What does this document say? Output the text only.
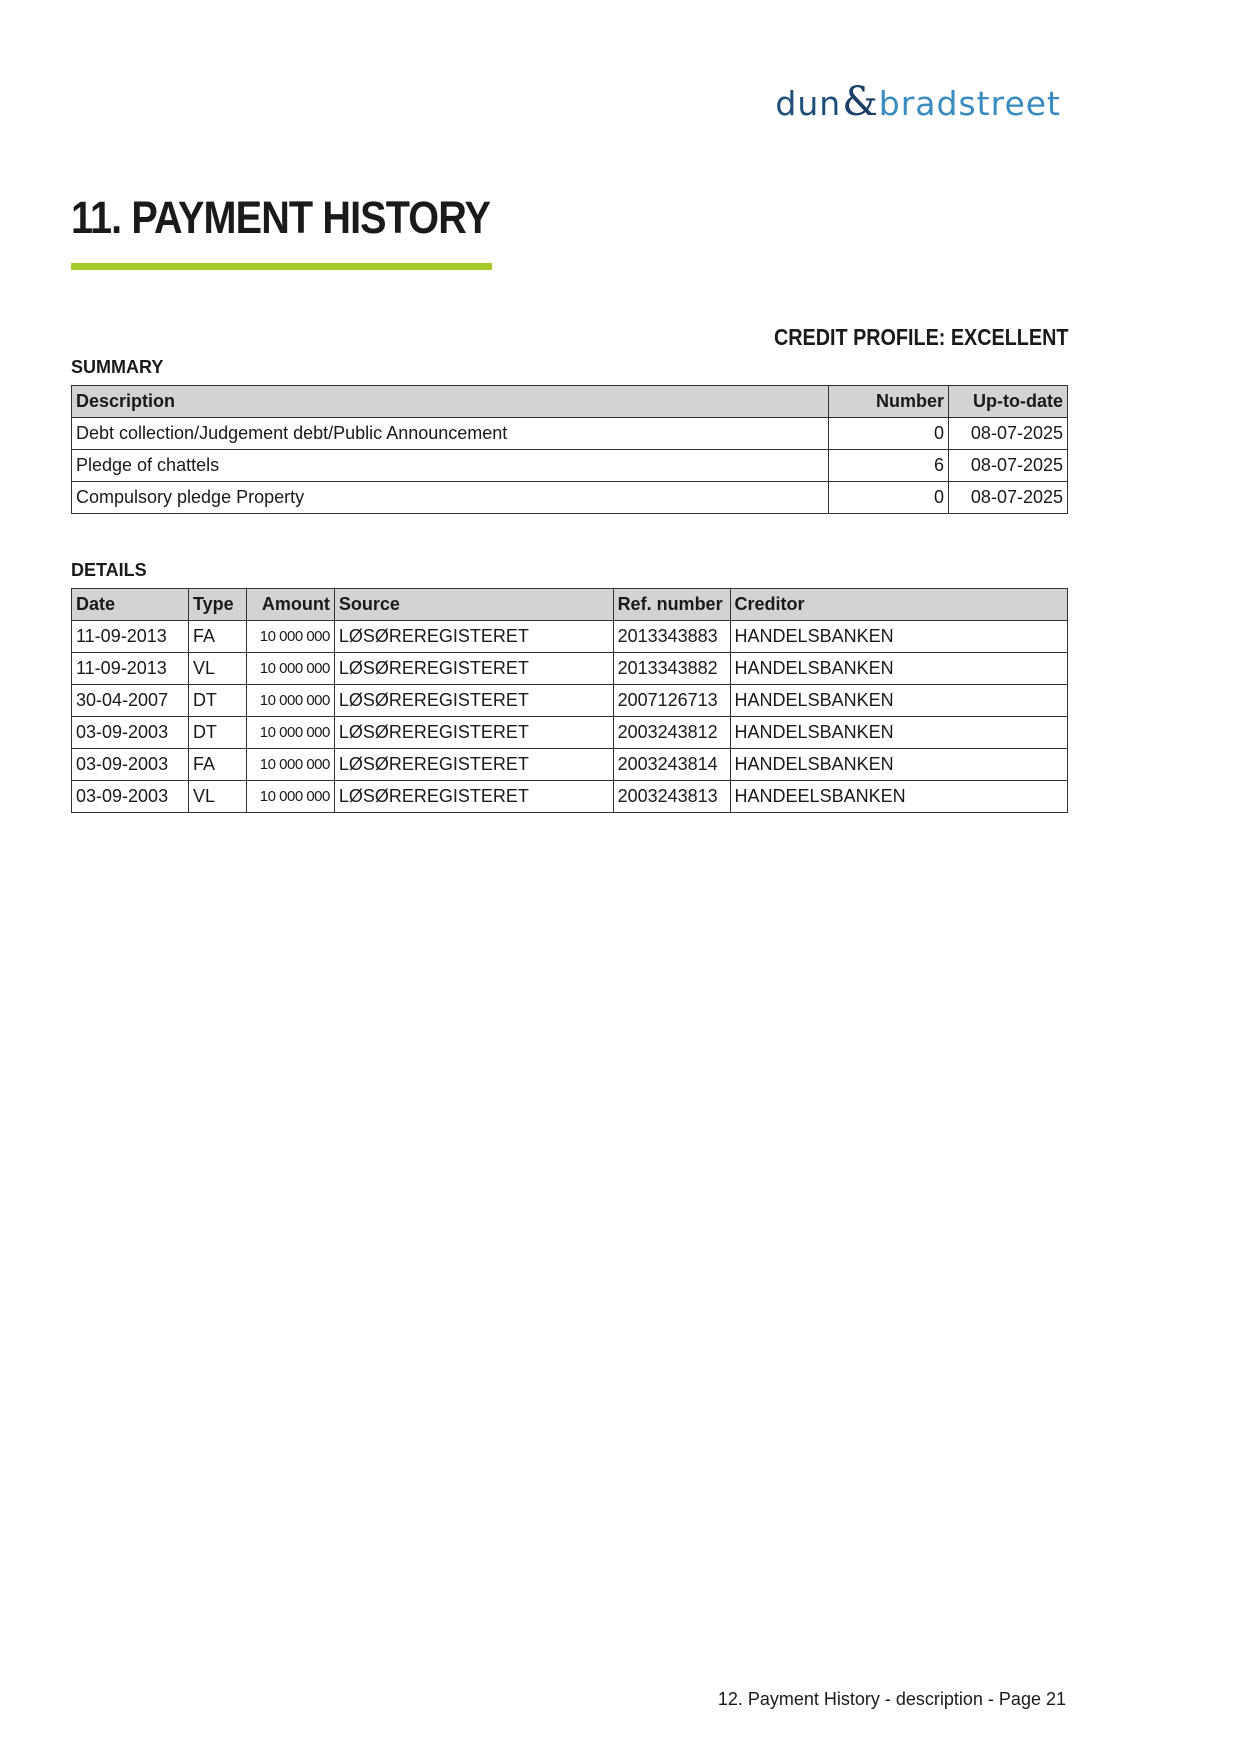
dun & bradstreet
11. PAYMENT HISTORY
CREDIT PROFILE: EXCELLENT
SUMMARY
Description	Number	Up-to-date
Debt collection/Judgement debt/Public Announcement	0	08-07-2025
Pledge of chattels	6	08-07-2025
Compulsory pledge Property	0	08-07-2025
DETAILS
Date	Type	Amount	Source	Ref. number	Creditor
11-09-2013	FA	10 000 000	LØSØREREGISTERET	2013343883	HANDELSBANKEN
11-09-2013	VL	10 000 000	LØSØREREGISTERET	2013343882	HANDELSBANKEN
30-04-2007	DT	10 000 000	LØSØREREGISTERET	2007126713	HANDELSBANKEN
03-09-2003	DT	10 000 000	LØSØREREGISTERET	2003243812	HANDELSBANKEN
03-09-2003	FA	10 000 000	LØSØREREGISTERET	2003243814	HANDELSBANKEN
03-09-2003	VL	10 000 000	LØSØREREGISTERET	2003243813	HANDEELSBANKEN
12. Payment History - description - Page 21
